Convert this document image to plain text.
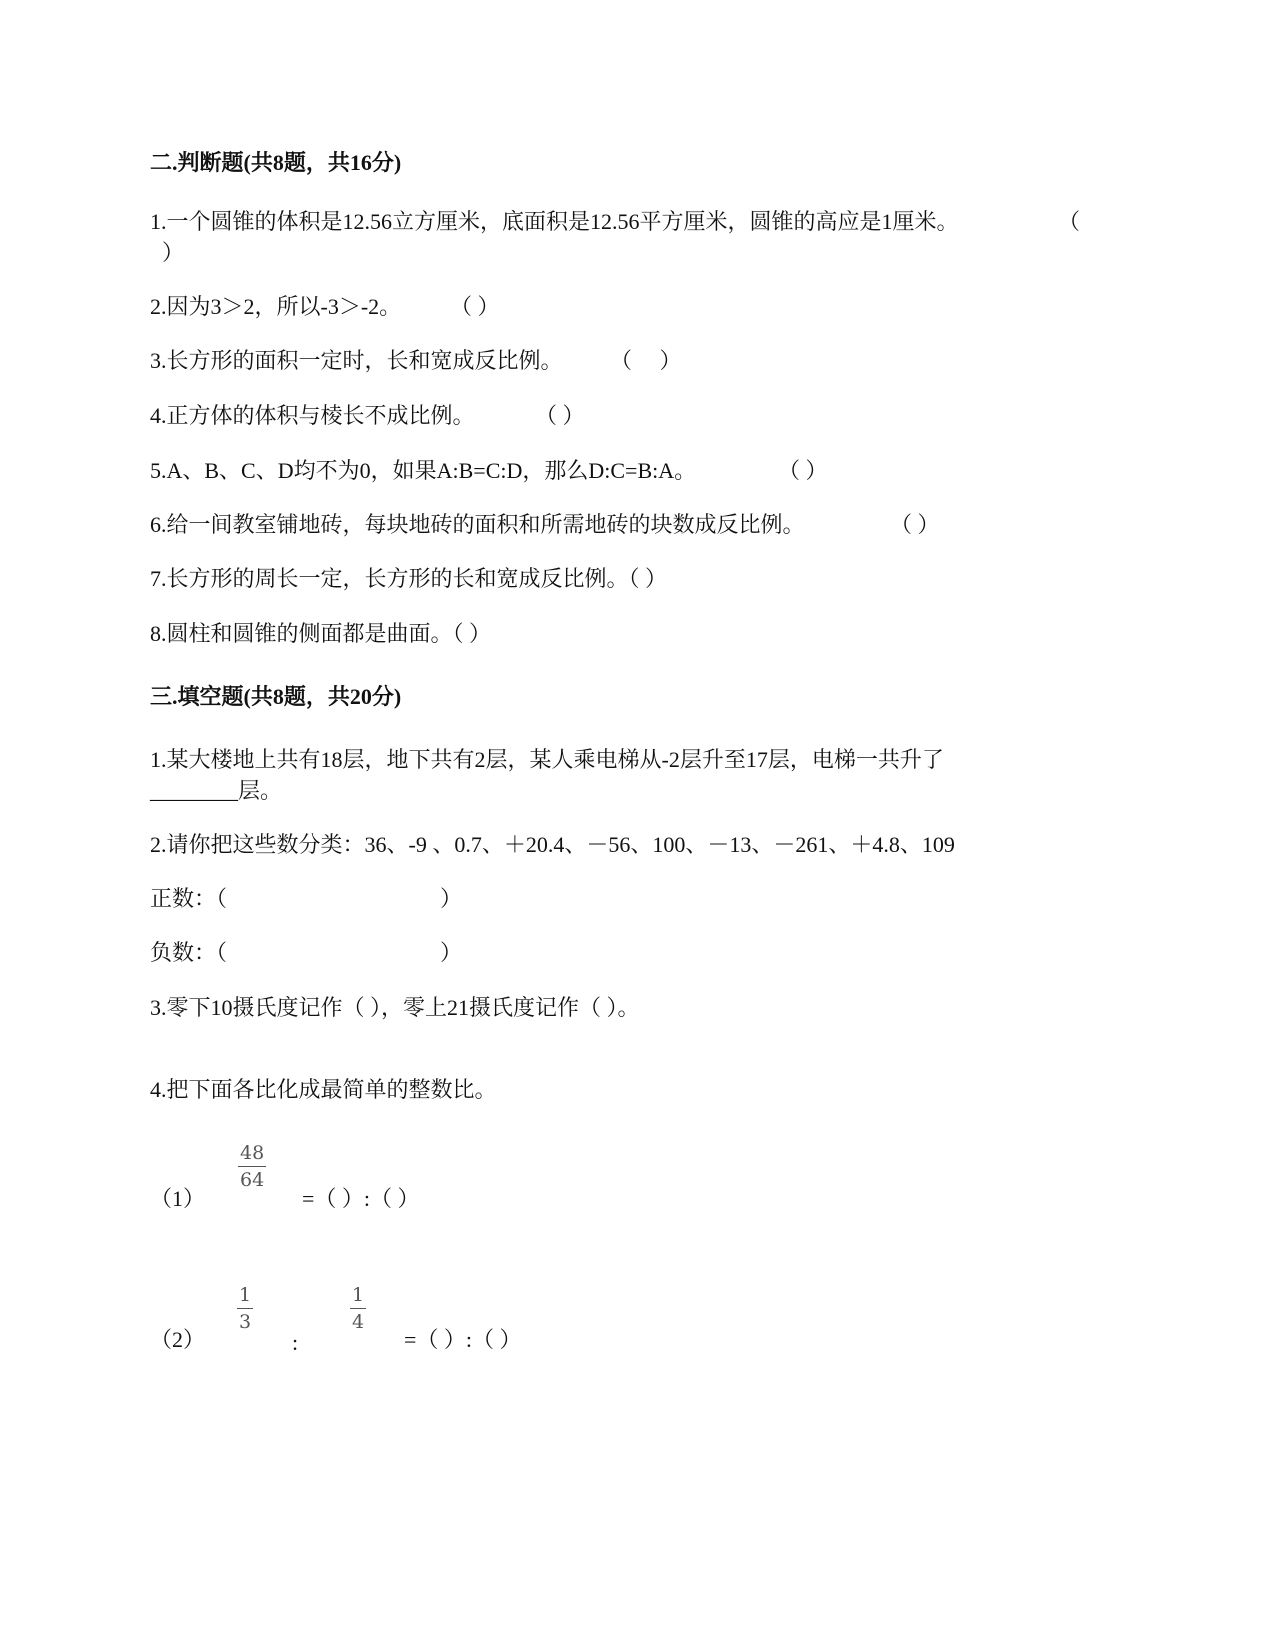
二.判断题(共8题，共16分)
1.一个圆锥的体积是12.56立方厘米，底面积是12.56平方厘米，圆锥的高应是1厘米。	（
）
2.因为3＞2，所以-3＞-2。 （ ）
3.长方形的面积一定时，长和宽成反比例。 （　 ）
4.正方体的体积与棱长不成比例。	（ ）
5.A、B、C、D均不为0，如果A:B=C:D，那么D:C=B:A。	（ ）
6.给一间教室铺地砖，每块地砖的面积和所需地砖的块数成反比例。	（ ）
7.长方形的周长一定，长方形的长和宽成反比例。（ ）
8.圆柱和圆锥的侧面都是曲面。（ ）
三.填空题(共8题，共20分)
1.某大楼地上共有18层，地下共有2层，某人乘电梯从-2层升至17层，电梯一共升了
________层。
2.请你把这些数分类：36、-9 、0.7、＋20.4、－56、100、－13、－261、＋4.8、109
正数：（	）
负数：（	）
3.零下10摄氏度记作（ ），零上21摄氏度记作（ ）。
4.把下面各比化成最简单的整数比。
（1）
48
64
=（ ）:（ ）
（2）
1
3
:
1
4
=（ ）:（ ）
